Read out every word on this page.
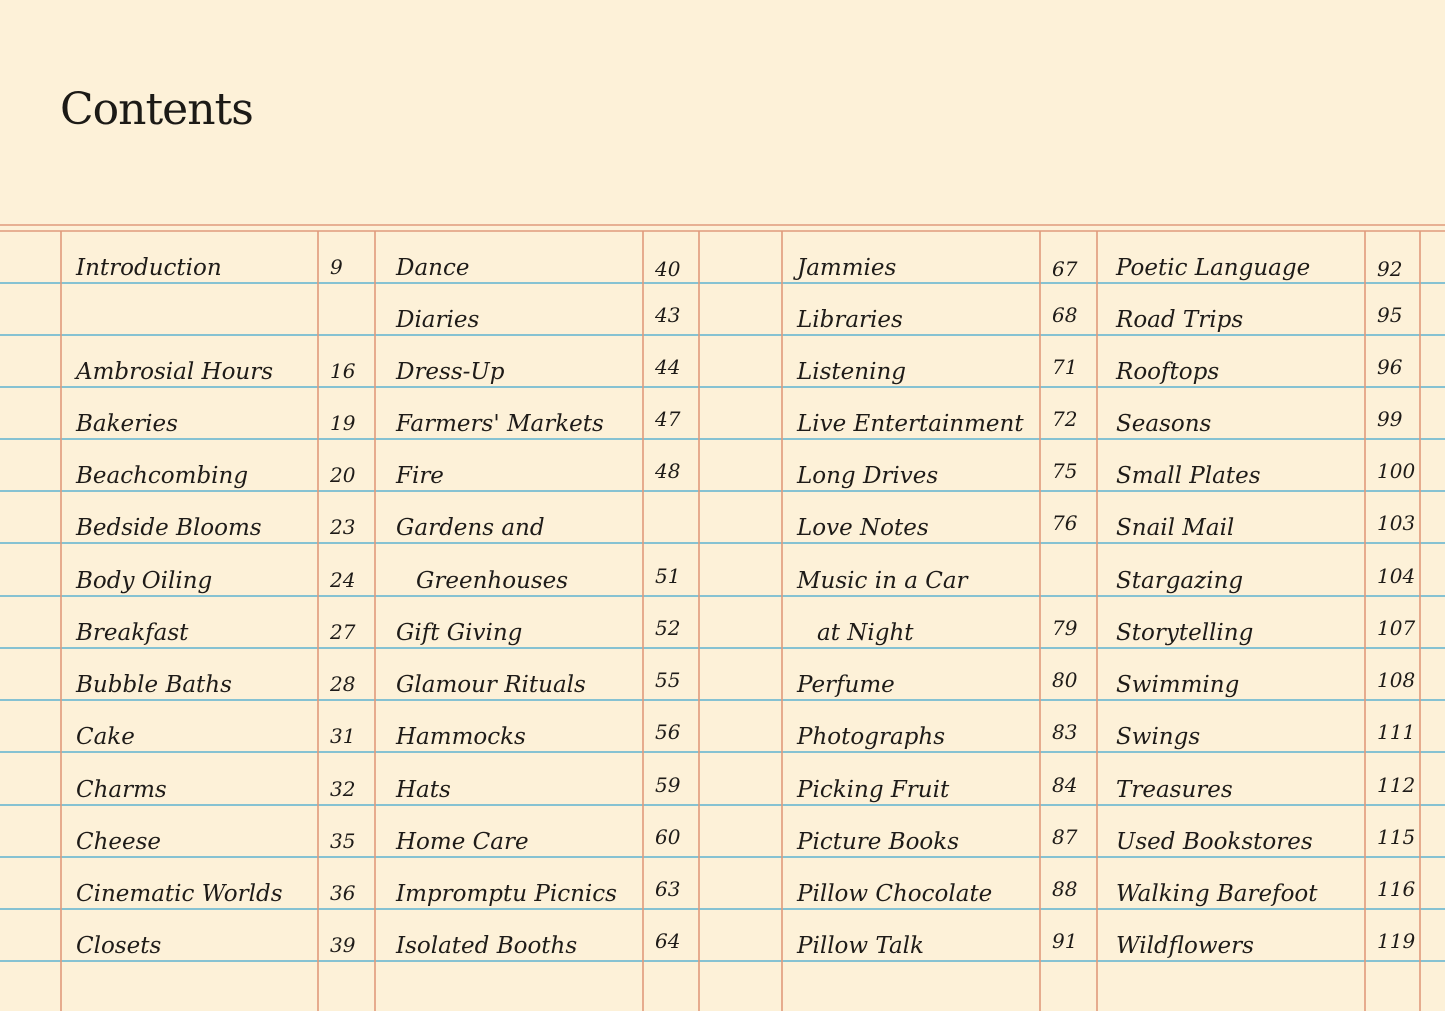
Contents
Introduction	9
Ambrosial Hours	16
Bakeries	19
Beachcombing	20
Bedside Blooms	23
Body Oiling	24
Breakfast	27
Bubble Baths	28
Cake	31
Charms	32
Cheese	35
Cinematic Worlds 36
Closets	39
Dance	40
Diaries	43
Dress-Up	44
Farmers' Markets	47
Fire	48
Gardens and
Greenhouses	51
Gift Giving	52
Glamour Rituals	55
Hammocks	56
Hats	59
Home Care	60
Impromptu Picnics 63
Isolated Booths	64
Jammies	67
Libraries	68
Listening	71
Live Entertainment 72
Long Drives	75
Love Notes	76
Music in a Car
at Night	79
Perfume	80
Photographs	83
Picking Fruit	84
Picture Books	87
Pillow Chocolate	88
Pillow Talk	91
Poetic Language	92
Road Trips	95
Rooftops	96
Seasons	99
Small Plates	100
Snail Mail	103
Stargazing	104
Storytelling	107
Swimming	108
Swings	111
Treasures	112
Used Bookstores	115
Walking Barefoot	116
Wildflowers	119
